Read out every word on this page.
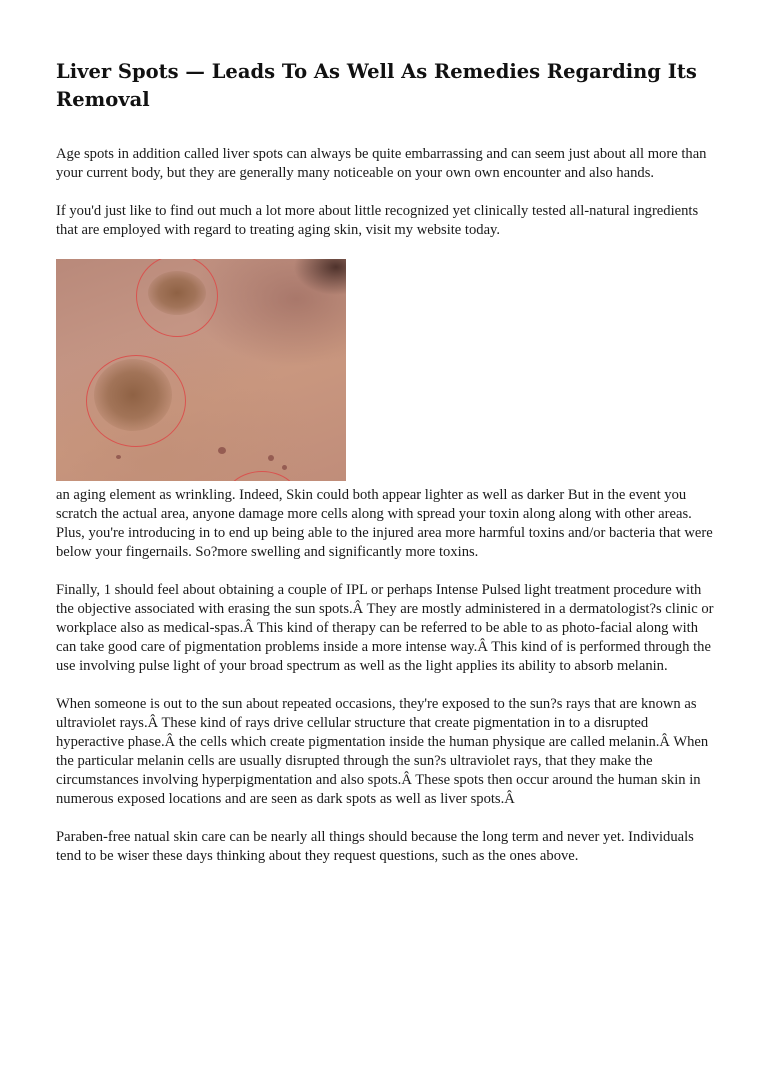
Liver Spots — Leads To As Well As Remedies Regarding Its Removal

Age spots in addition called liver spots can always be quite embarrassing and can seem just about all more than your current body, but they are generally many noticeable on your own own encounter and also hands.

If you'd just like to find out much a lot more about little recognized yet clinically tested all-natural ingredients that are employed with regard to treating aging skin, visit my website today.

an aging element as wrinkling. Indeed, Skin could both appear lighter as well as darker But in the event you scratch the actual area, anyone damage more cells along with spread your toxin along along with other areas. Plus, you're introducing in to end up being able to the injured area more harmful toxins and/or bacteria that were below your fingernails. So?more swelling and significantly more toxins.

Finally, 1 should feel about obtaining a couple of IPL or perhaps Intense Pulsed light treatment procedure with the objective associated with erasing the sun spots.Â They are mostly administered in a dermatologist?s clinic or workplace also as medical-spas.Â This kind of therapy can be referred to be able to as photo-facial along with can take good care of pigmentation problems inside a more intense way.Â This kind of is performed through the use involving pulse light of your broad spectrum as well as the light applies its ability to absorb melanin.

When someone is out to the sun about repeated occasions, they're exposed to the sun?s rays that are known as ultraviolet rays.Â These kind of rays drive cellular structure that create pigmentation in to a disrupted hyperactive phase.Â the cells which create pigmentation inside the human physique are called melanin.Â When the particular melanin cells are usually disrupted through the sun?s ultraviolet rays, that they make the circumstances involving hyperpigmentation and also spots.Â These spots then occur around the human skin in numerous exposed locations and are seen as dark spots as well as liver spots.Â

Paraben-free natual skin care can be nearly all things should because the long term and never yet. Individuals tend to be wiser these days thinking about they request questions, such as the ones above.
